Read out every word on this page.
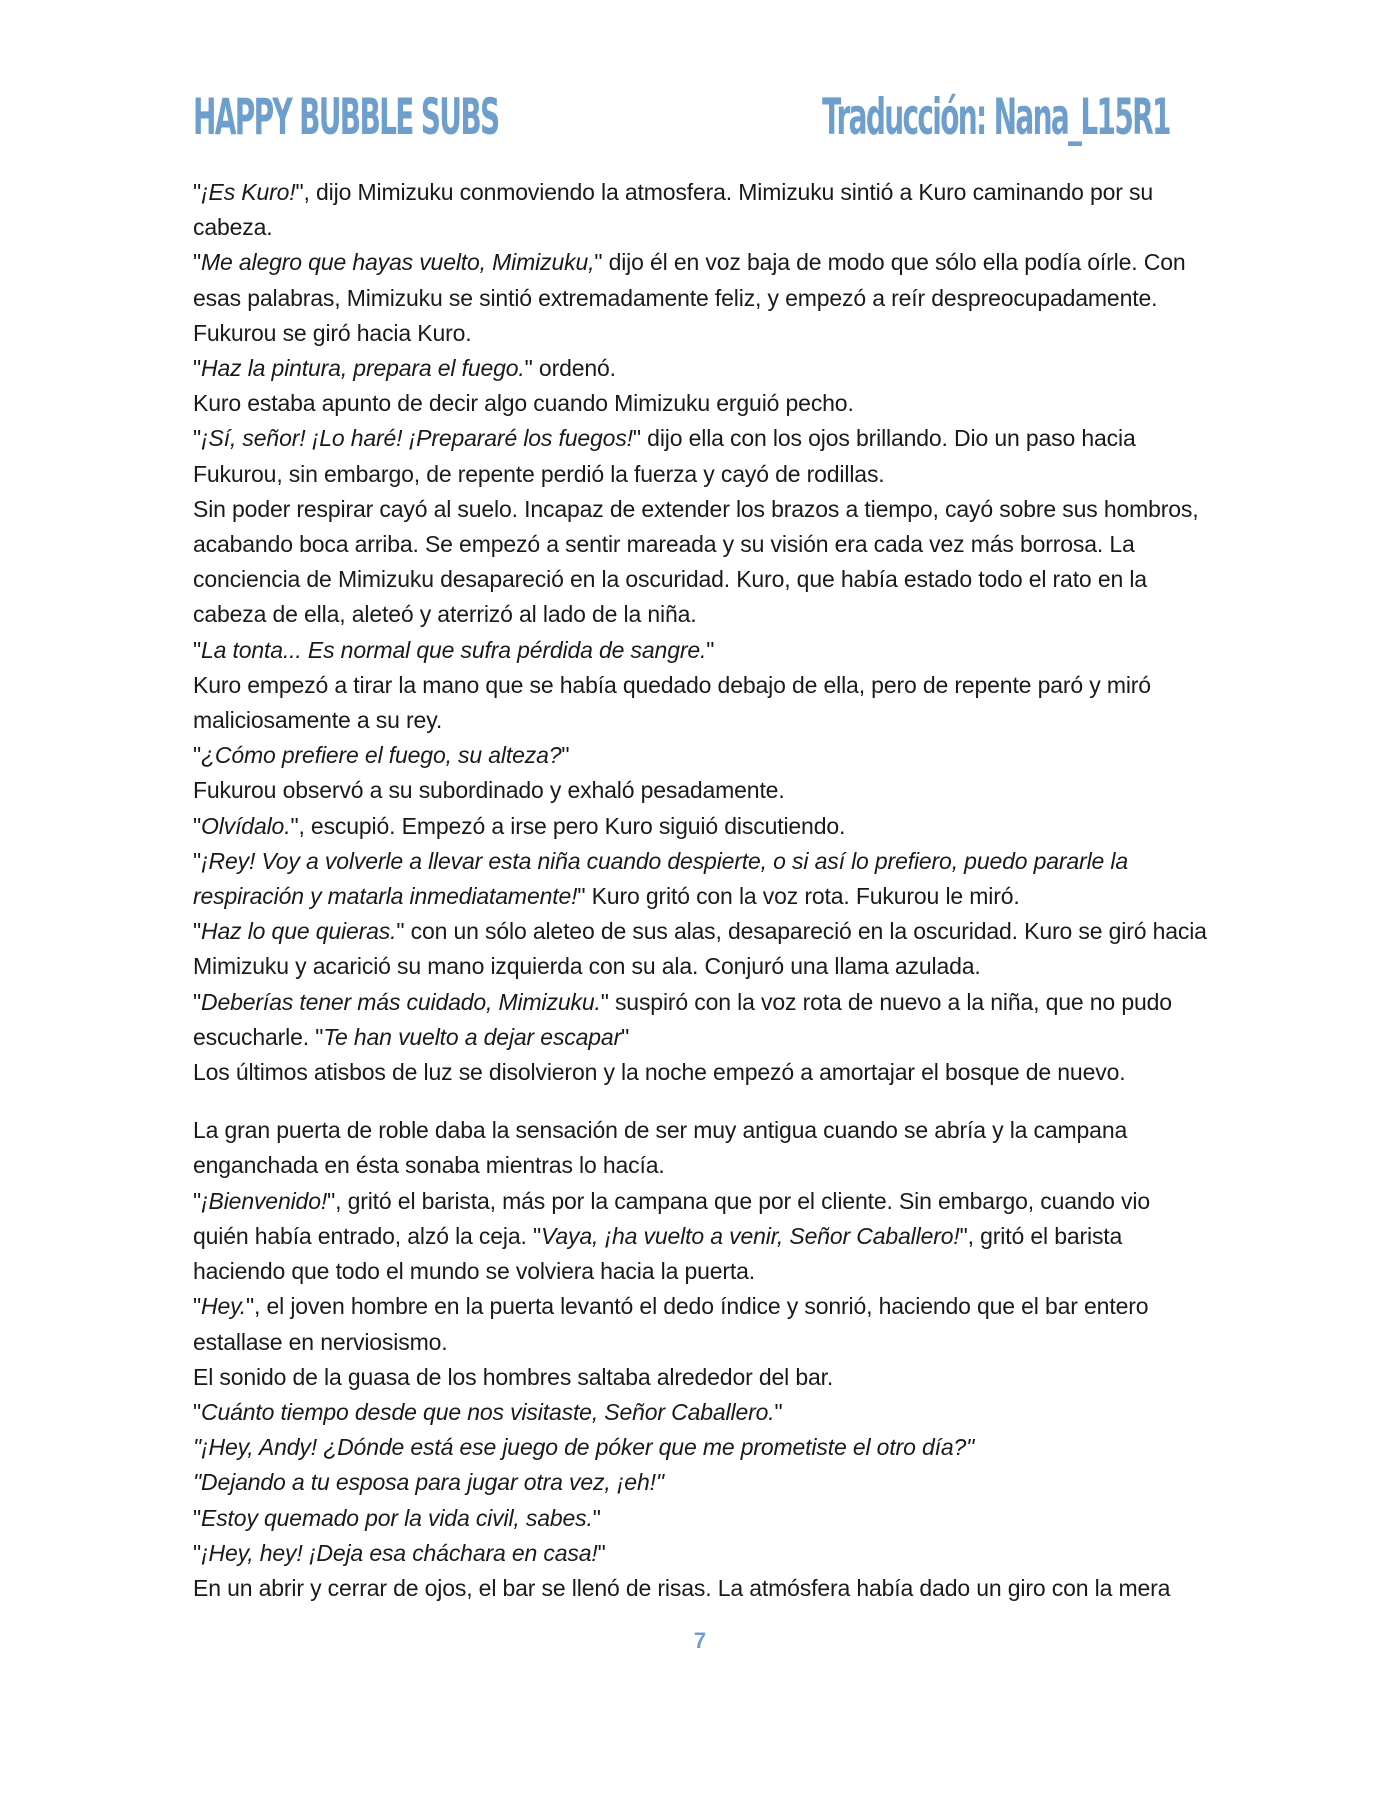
HAPPY BUBBLE SUBS	Traducción: Nana_L15R1

"¡Es Kuro!", dijo Mimizuku conmoviendo la atmosfera. Mimizuku sintió a Kuro caminando por su cabeza.

"Me alegro que hayas vuelto, Mimizuku," dijo él en voz baja de modo que sólo ella podía oírle. Con esas palabras, Mimizuku se sintió extremadamente feliz, y empezó a reír despreocupadamente.

Fukurou se giró hacia Kuro.

"Haz la pintura, prepara el fuego." ordenó.

Kuro estaba apunto de decir algo cuando Mimizuku erguió pecho.

"¡Sí, señor! ¡Lo haré! ¡Prepararé los fuegos!" dijo ella con los ojos brillando. Dio un paso hacia Fukurou, sin embargo, de repente perdió la fuerza y cayó de rodillas.

Sin poder respirar cayó al suelo. Incapaz de extender los brazos a tiempo, cayó sobre sus hombros, acabando boca arriba. Se empezó a sentir mareada y su visión era cada vez más borrosa. La conciencia de Mimizuku desapareció en la oscuridad. Kuro, que había estado todo el rato en la cabeza de ella, aleteó y aterrizó al lado de la niña.

"La tonta... Es normal que sufra pérdida de sangre."

Kuro empezó a tirar la mano que se había quedado debajo de ella, pero de repente paró y miró maliciosamente a su rey.

"¿Cómo prefiere el fuego, su alteza?"

Fukurou observó a su subordinado y exhaló pesadamente.

"Olvídalo.", escupió. Empezó a irse pero Kuro siguió discutiendo.

"¡Rey! Voy a volverle a llevar esta niña cuando despierte, o si así lo prefiero, puedo pararle la respiración y matarla inmediatamente!" Kuro gritó con la voz rota. Fukurou le miró.

"Haz lo que quieras." con un sólo aleteo de sus alas, desapareció en la oscuridad. Kuro se giró hacia Mimizuku y acarició su mano izquierda con su ala. Conjuró una llama azulada.

"Deberías tener más cuidado, Mimizuku." suspiró con la voz rota de nuevo a la niña, que no pudo escucharle. "Te han vuelto a dejar escapar"

Los últimos atisbos de luz se disolvieron y la noche empezó a amortajar el bosque de nuevo.

La gran puerta de roble daba la sensación de ser muy antigua cuando se abría y la campana enganchada en ésta sonaba mientras lo hacía.

"¡Bienvenido!", gritó el barista, más por la campana que por el cliente. Sin embargo, cuando vio quién había entrado, alzó la ceja. "Vaya, ¡ha vuelto a venir, Señor Caballero!", gritó el barista haciendo que todo el mundo se volviera hacia la puerta.

"Hey.", el joven hombre en la puerta levantó el dedo índice y sonrió, haciendo que el bar entero estallase en nerviosismo.

El sonido de la guasa de los hombres saltaba alrededor del bar.

"Cuánto tiempo desde que nos visitaste, Señor Caballero."

"¡Hey, Andy! ¿Dónde está ese juego de póker que me prometiste el otro día?"

"Dejando a tu esposa para jugar otra vez, ¡eh!"

"Estoy quemado por la vida civil, sabes."

"¡Hey, hey! ¡Deja esa cháchara en casa!"

En un abrir y cerrar de ojos, el bar se llenó de risas. La atmósfera había dado un giro con la mera

7
